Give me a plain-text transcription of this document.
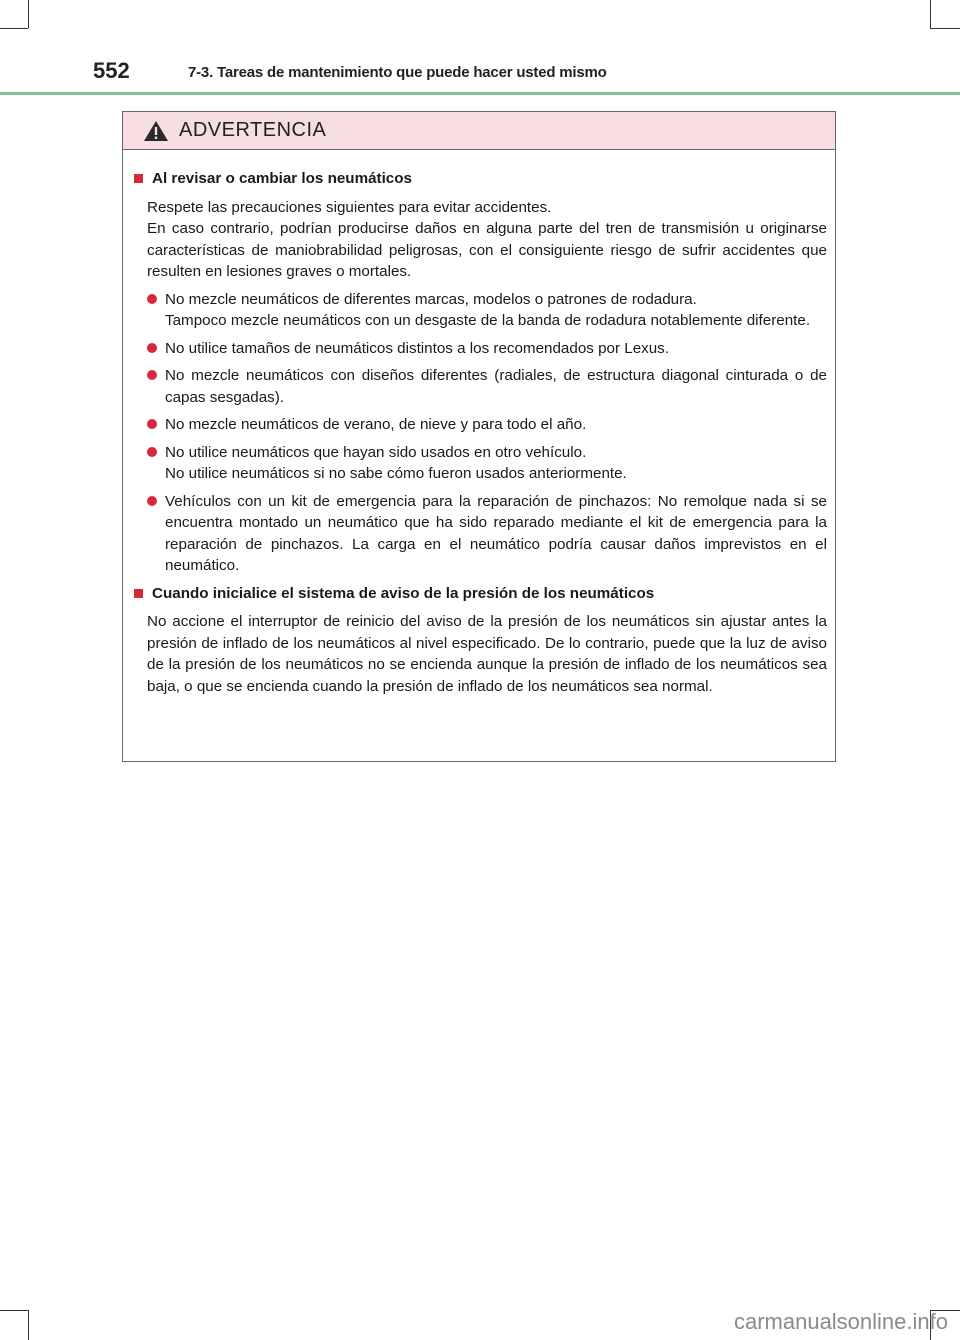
552	7-3. Tareas de mantenimiento que puede hacer usted mismo
ADVERTENCIA
Al revisar o cambiar los neumáticos

Respete las precauciones siguientes para evitar accidentes.

En caso contrario, podrían producirse daños en alguna parte del tren de transmisión u originarse características de maniobrabilidad peligrosas, con el consiguiente riesgo de sufrir accidentes que resulten en lesiones graves o mortales.

No mezcle neumáticos de diferentes marcas, modelos o patrones de rodadura.

Tampoco mezcle neumáticos con un desgaste de la banda de rodadura notablemente diferente.

No utilice tamaños de neumáticos distintos a los recomendados por Lexus.

No mezcle neumáticos con diseños diferentes (radiales, de estructura diagonal cinturada o de capas sesgadas).

No mezcle neumáticos de verano, de nieve y para todo el año.

No utilice neumáticos que hayan sido usados en otro vehículo.

No utilice neumáticos si no sabe cómo fueron usados anteriormente.

Vehículos con un kit de emergencia para la reparación de pinchazos: No remolque nada si se encuentra montado un neumático que ha sido reparado mediante el kit de emergencia para la reparación de pinchazos. La carga en el neumático podría causar daños imprevistos en el neumático.

Cuando inicialice el sistema de aviso de la presión de los neumáticos

No accione el interruptor de reinicio del aviso de la presión de los neumáticos sin ajustar antes la presión de inflado de los neumáticos al nivel especificado. De lo contrario, puede que la luz de aviso de la presión de los neumáticos no se encienda aunque la presión de inflado de los neumáticos sea baja, o que se encienda cuando la presión de inflado de los neumáticos sea normal.

carmanualsonline.info
